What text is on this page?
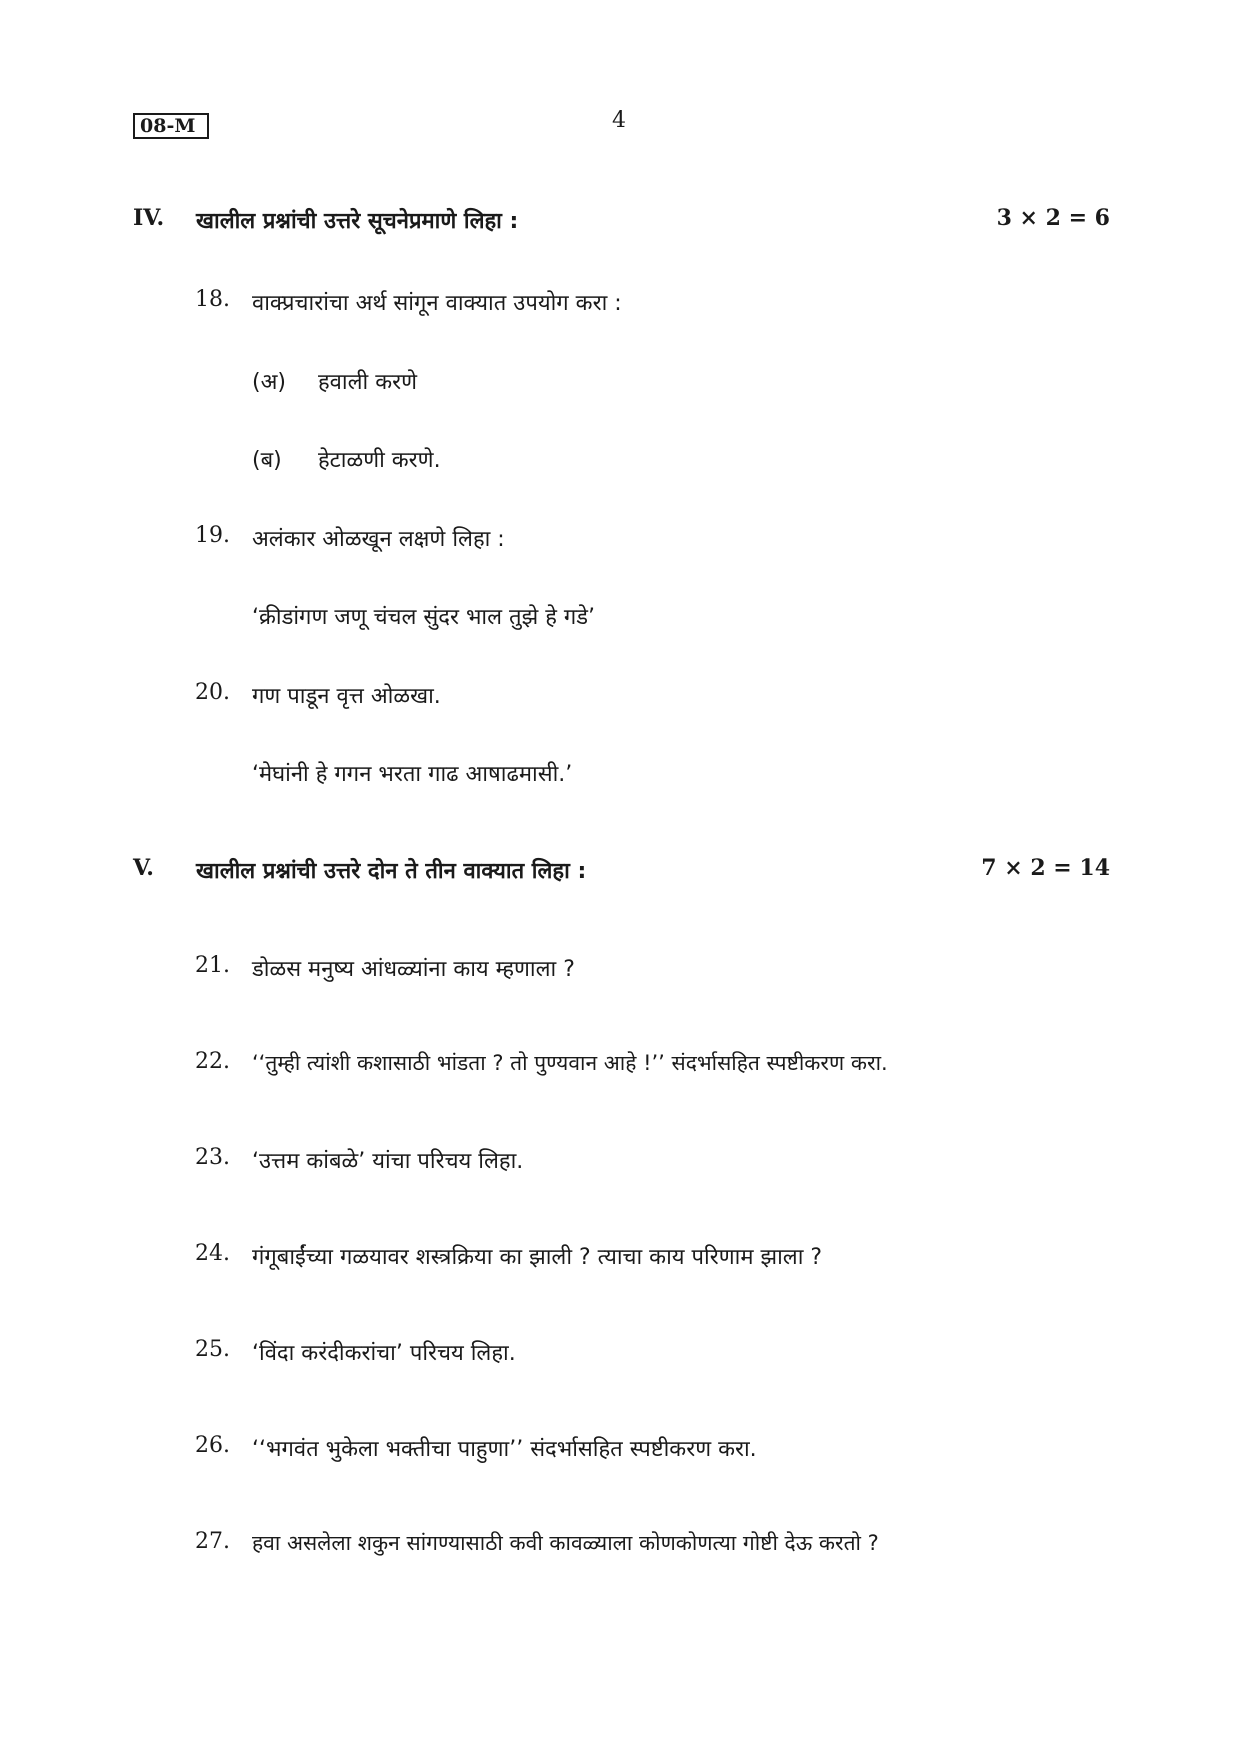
08-M	4
IV. खालील प्रश्नांची उत्तरे सूचनेप्रमाणे लिहा :	3 × 2 = 6
18. वाक्प्रचारांचा अर्थ सांगून वाक्यात उपयोग करा :
(अ) हवाली करणे
(ब) हेटाळणी करणे.
19. अलंकार ओळखून लक्षणे लिहा :
‘क्रीडांगण जणू चंचल सुंदर भाल तुझे हे गडे’
20. गण पाडून वृत्त ओळखा.
‘मेघांनी हे गगन भरता गाढ आषाढमासी.’
V. खालील प्रश्नांची उत्तरे दोन ते तीन वाक्यात लिहा :	7 × 2 = 14
21. डोळस मनुष्य आंधळ्यांना काय म्हणाला ?
22. ‘‘तुम्ही त्यांशी कशासाठी भांडता ? तो पुण्यवान आहे !’’ संदर्भासहित स्पष्टीकरण करा.
23. ‘उत्तम कांबळे’ यांचा परिचय लिहा.
24. गंगूबाईंच्या गळयावर शस्त्रक्रिया का झाली ? त्याचा काय परिणाम झाला ?
25. ‘विंदा करंदीकरांचा’ परिचय लिहा.
26. ‘‘भगवंत भुकेला भक्तीचा पाहुणा’’ संदर्भासहित स्पष्टीकरण करा.
27. हवा असलेला शकुन सांगण्यासाठी कवी कावळ्याला कोणकोणत्या गोष्टी देऊ करतो ?
